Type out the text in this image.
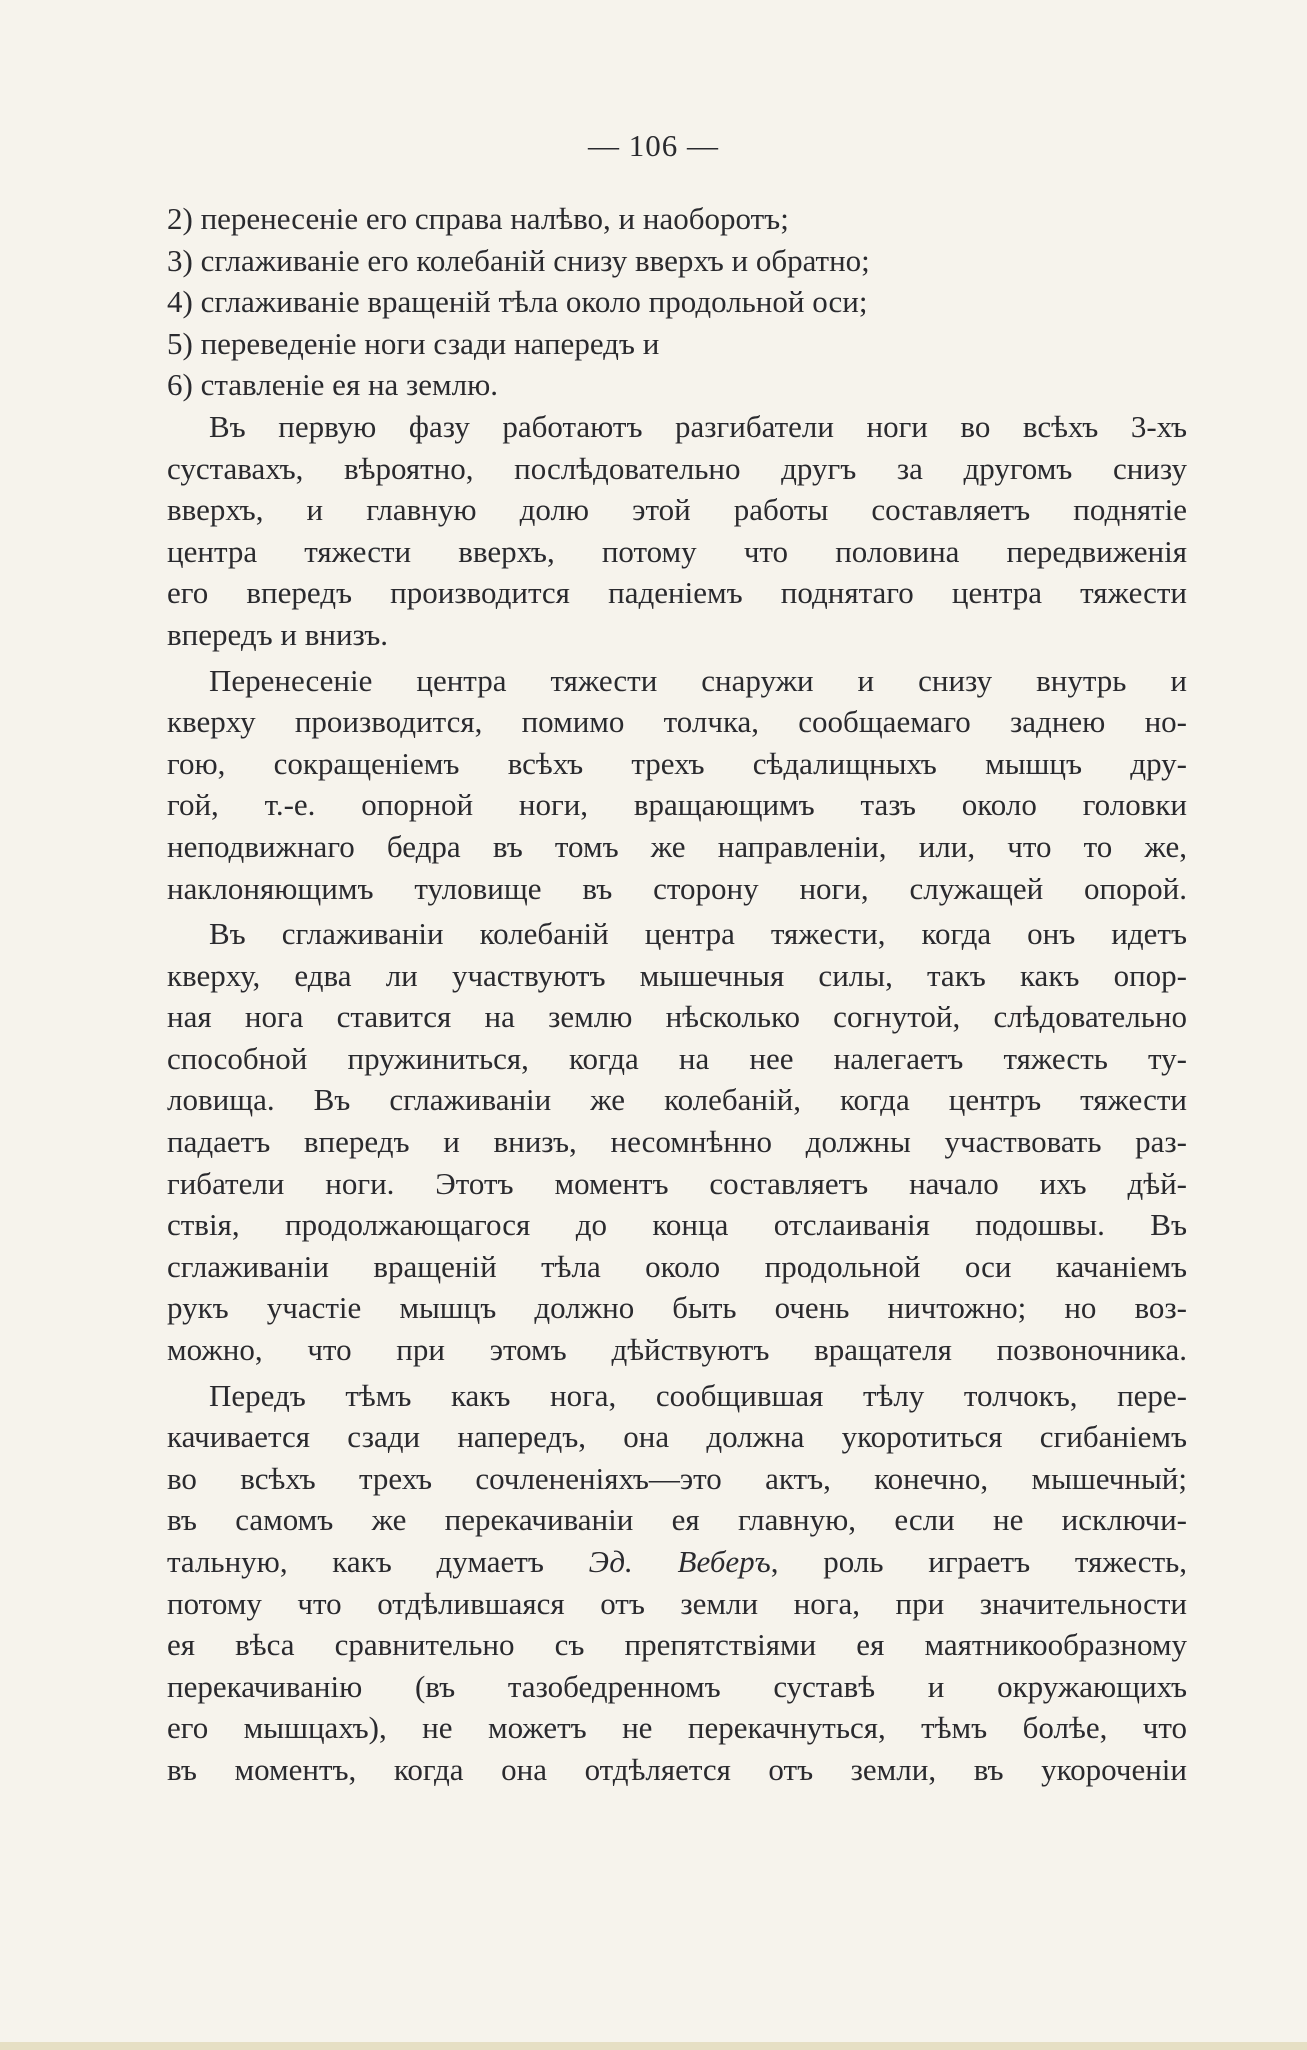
— 106 —
2) перенесеніе его справа налѣво, и наоборотъ;
3) сглаживаніе его колебаній снизу вверхъ и обратно;
4) сглаживаніе вращеній тѣла около продольной оси;
5) переведеніе ноги сзади напередъ и
6) ставленіе ея на землю.
Въ первую фазу работаютъ разгибатели ноги во всѣхъ 3-хъ
суставахъ, вѣроятно, послѣдовательно другъ за другомъ снизу
вверхъ, и главную долю этой работы составляетъ поднятіе
центра тяжести вверхъ, потому что половина передвиженія
его впередъ производится паденіемъ поднятаго центра тяжести
впередъ и внизъ.
Перенесеніе центра тяжести снаружи и снизу внутрь и
кверху производится, помимо толчка, сообщаемаго заднею но-
гою, сокращеніемъ всѣхъ трехъ сѣдалищныхъ мышцъ дру-
гой, т.-е. опорной ноги, вращающимъ тазъ около головки
неподвижнаго бедра въ томъ же направленіи, или, что то же,
наклоняющимъ туловище въ сторону ноги, служащей опорой.
Въ сглаживаніи колебаній центра тяжести, когда онъ идетъ
кверху, едва ли участвуютъ мышечныя силы, такъ какъ опор-
ная нога ставится на землю нѣсколько согнутой, слѣдовательно
способной пружиниться, когда на нее налегаетъ тяжесть ту-
ловища. Въ сглаживаніи же колебаній, когда центръ тяжести
падаетъ впередъ и внизъ, несомнѣнно должны участвовать раз-
гибатели ноги. Этотъ моментъ составляетъ начало ихъ дѣй-
ствія, продолжающагося до конца отслаиванія подошвы. Въ
сглаживаніи вращеній тѣла около продольной оси качаніемъ
рукъ участіе мышцъ должно быть очень ничтожно; но воз-
можно, что при этомъ дѣйствуютъ вращателя позвоночника.
Передъ тѣмъ какъ нога, сообщившая тѣлу толчокъ, пере-
качивается сзади напередъ, она должна укоротиться сгибаніемъ
во всѣхъ трехъ сочлененіяхъ—это актъ, конечно, мышечный;
въ самомъ же перекачиваніи ея главную, если не исключи-
тальную, какъ думаетъ Эд. Веберъ, роль играетъ тяжесть,
потому что отдѣлившаяся отъ земли нога, при значительности
ея вѣса сравнительно съ препятствіями ея маятникообразному
перекачиванію (въ тазобедренномъ суставѣ и окружающихъ
его мышцахъ), не можетъ не перекачнуться, тѣмъ болѣе, что
въ моментъ, когда она отдѣляется отъ земли, въ укороченіи
